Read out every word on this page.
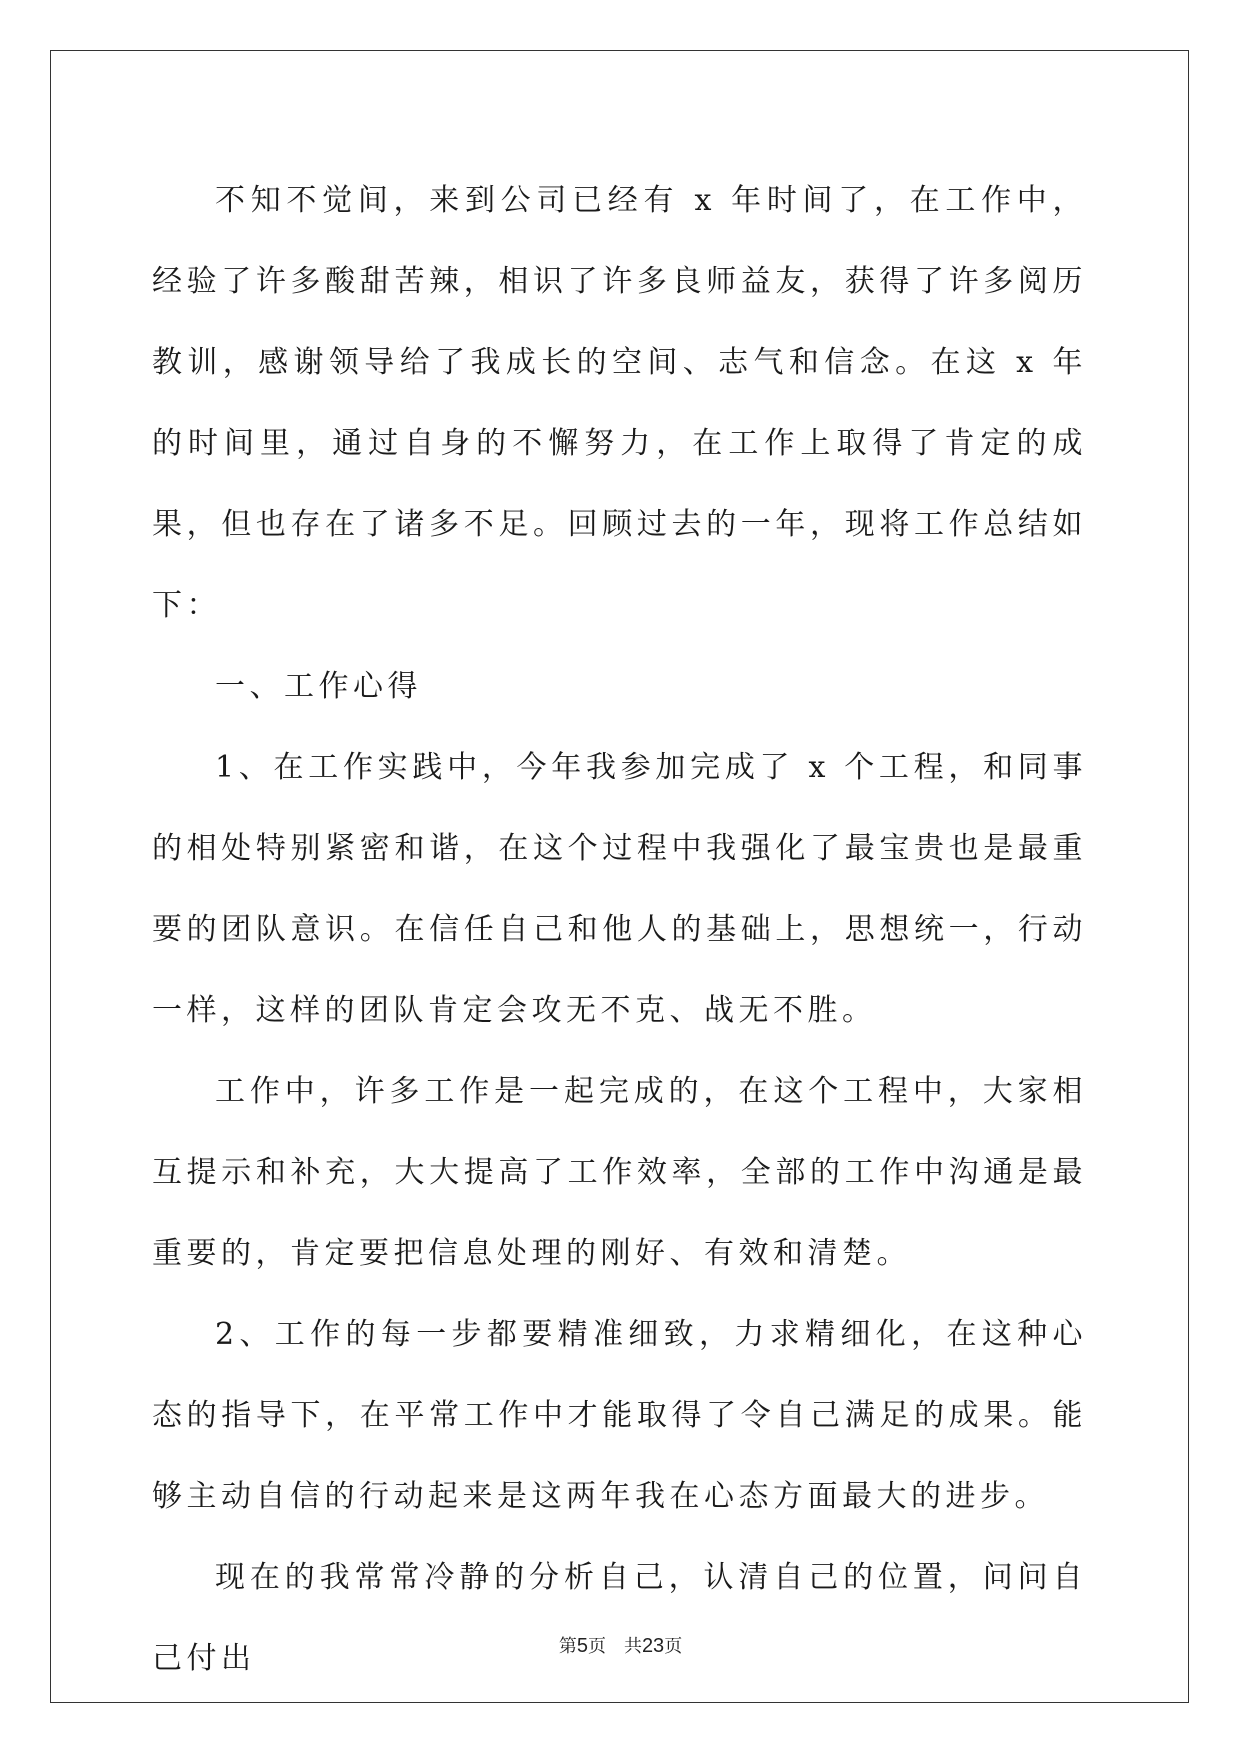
不知不觉间，来到公司已经有 x 年时间了，在工作中，经验了许多酸甜苦辣，相识了许多良师益友，获得了许多阅历教训，感谢领导给了我成长的空间、志气和信念。在这 x 年的时间里，通过自身的不懈努力，在工作上取得了肯定的成果，但也存在了诸多不足。回顾过去的一年，现将工作总结如下：

一、工作心得

1、在工作实践中，今年我参加完成了 x 个工程，和同事的相处特别紧密和谐，在这个过程中我强化了最宝贵也是最重要的团队意识。在信任自己和他人的基础上，思想统一，行动一样，这样的团队肯定会攻无不克、战无不胜。

工作中，许多工作是一起完成的，在这个工程中，大家相互提示和补充，大大提高了工作效率，全部的工作中沟通是最重要的，肯定要把信息处理的刚好、有效和清楚。

2、工作的每一步都要精准细致，力求精细化，在这种心态的指导下，在平常工作中才能取得了令自己满足的成果。能够主动自信的行动起来是这两年我在心态方面最大的进步。

现在的我常常冷静的分析自己，认清自己的位置，问问自己付出	第5页 共23页
